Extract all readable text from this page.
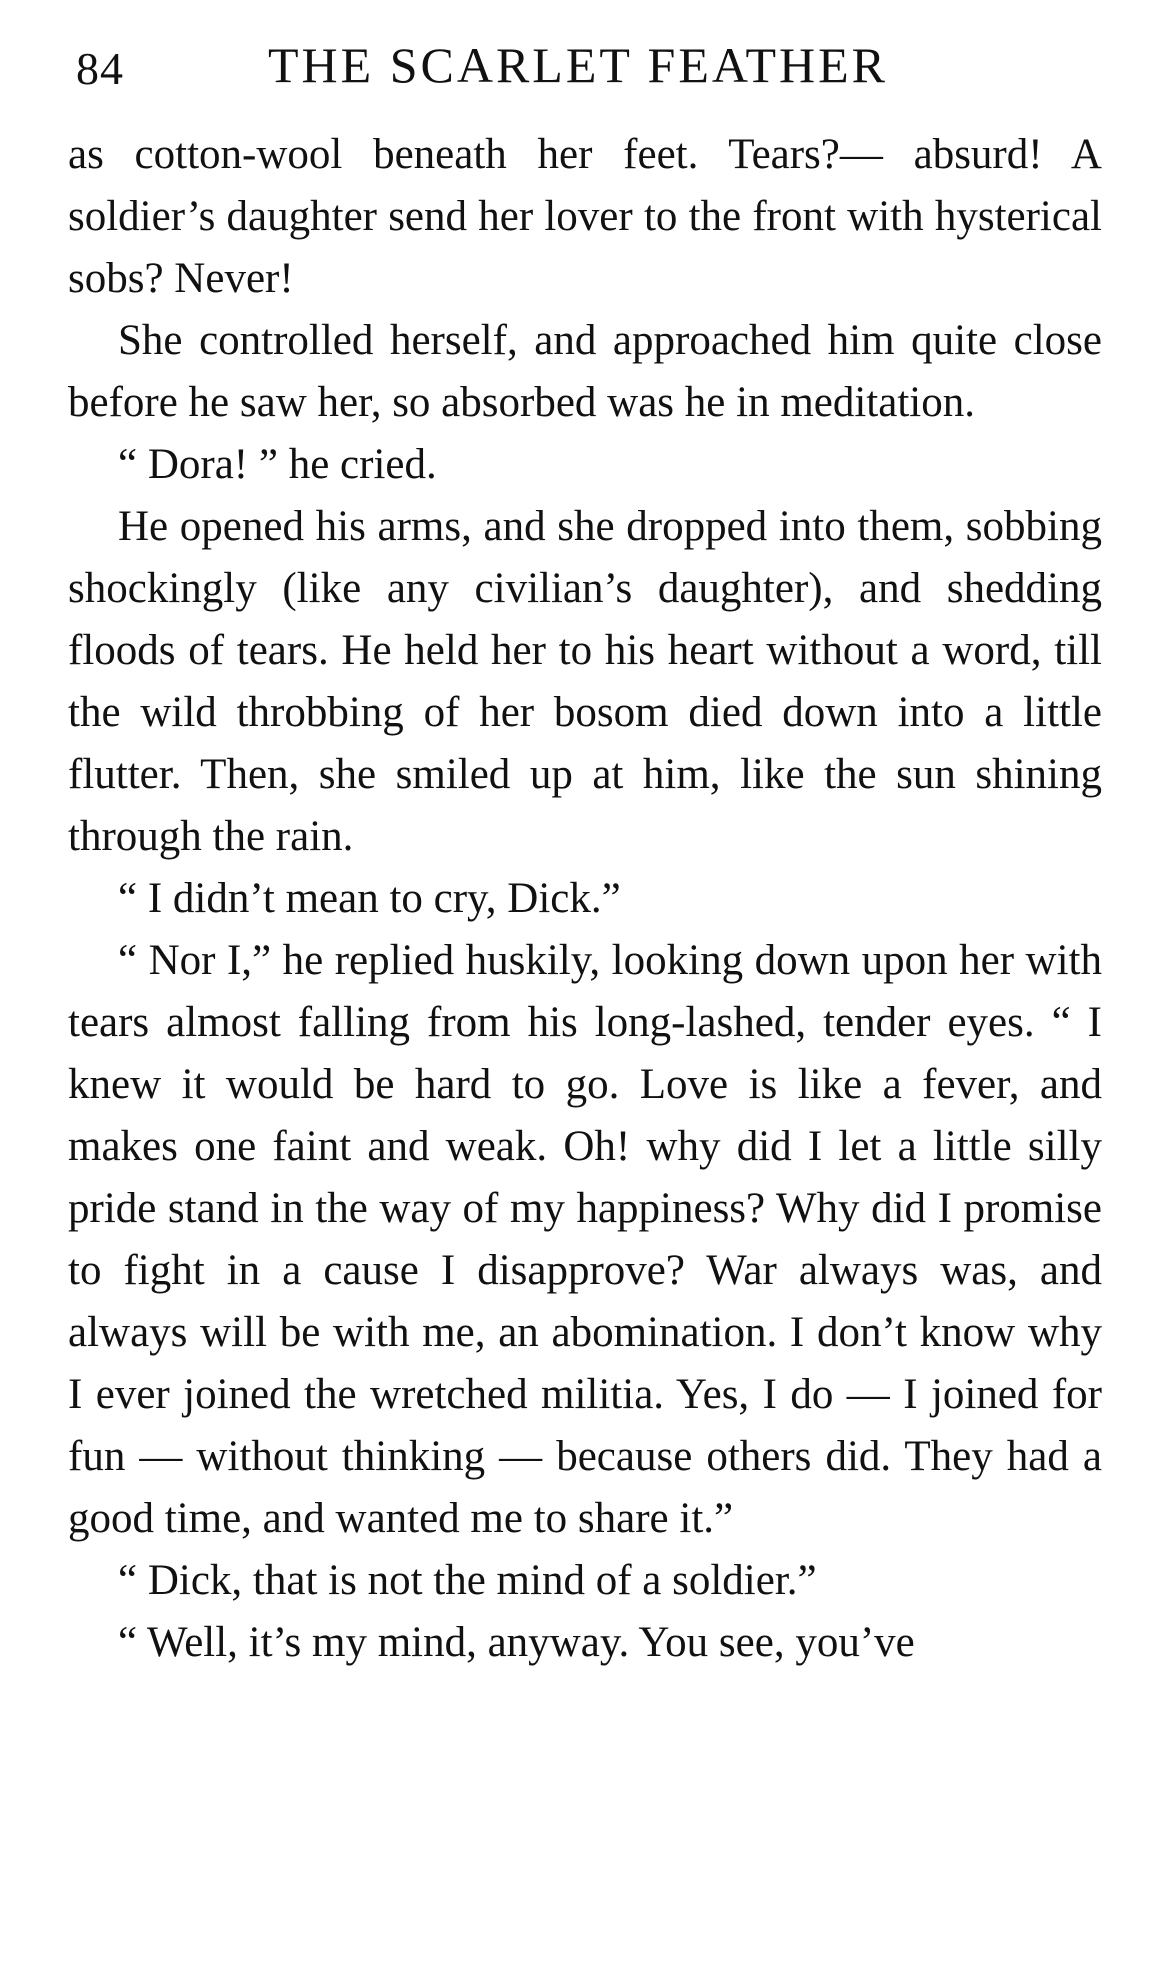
84	THE SCARLET FEATHER

as cotton-wool beneath her feet. Tears?— absurd! A soldier’s daughter send her lover to the front with hysterical sobs? Never!

She controlled herself, and approached him quite close before he saw her, so absorbed was he in meditation.

“ Dora! ” he cried.

He opened his arms, and she dropped into them, sobbing shockingly (like any civilian’s daughter), and shedding floods of tears. He held her to his heart without a word, till the wild throbbing of her bosom died down into a little flutter. Then, she smiled up at him, like the sun shining through the rain.

“ I didn’t mean to cry, Dick.”

“ Nor I,” he replied huskily, looking down upon her with tears almost falling from his long-lashed, tender eyes. “ I knew it would be hard to go. Love is like a fever, and makes one faint and weak. Oh! why did I let a little silly pride stand in the way of my happiness? Why did I promise to fight in a cause I disapprove? War always was, and always will be with me, an abomination. I don’t know why I ever joined the wretched militia. Yes, I do — I joined for fun — without thinking — because others did. They had a good time, and wanted me to share it.”

“ Dick, that is not the mind of a soldier.”

“ Well, it’s my mind, anyway. You see, you’ve
